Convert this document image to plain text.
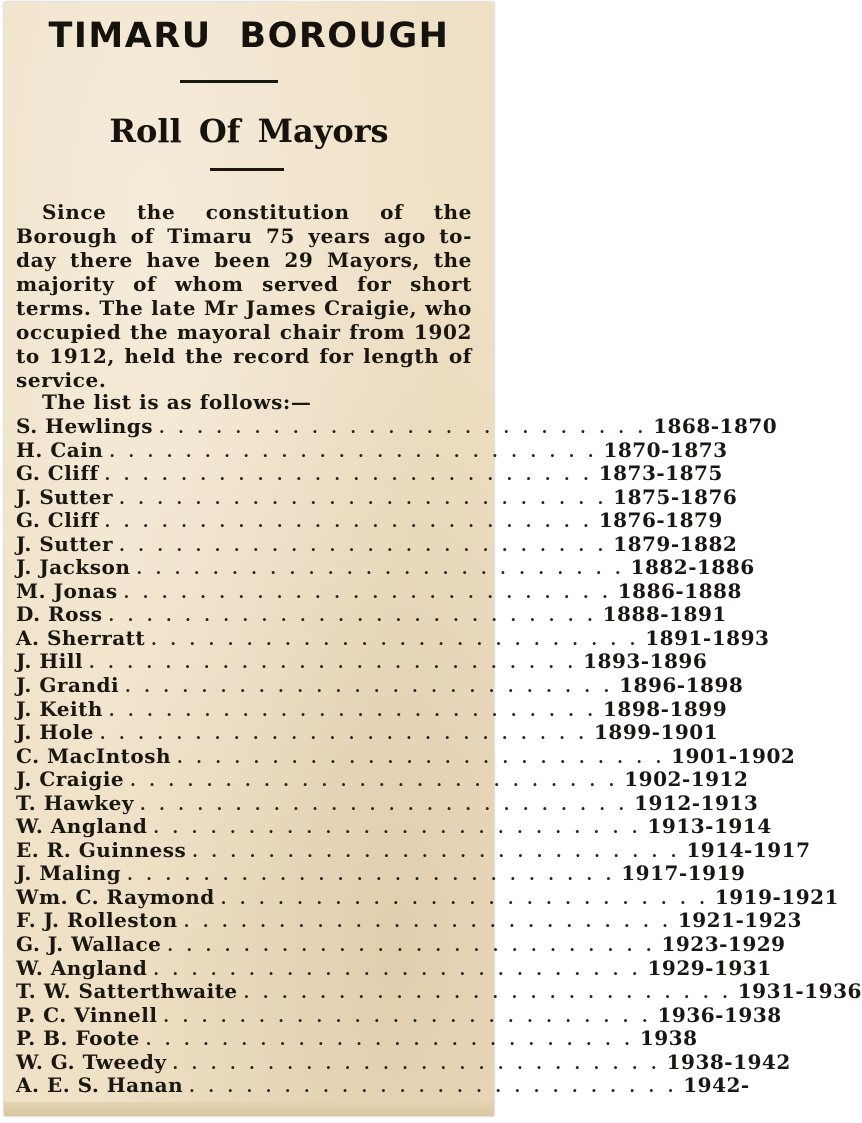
TIMARU BOROUGH
Roll Of Mayors

Since the constitution of the Borough of Timaru 75 years ago to-day there have been 29 Mayors, the majority of whom served for short terms. The late Mr James Craigie, who occupied the mayoral chair from 1902 to 1912, held the record for length of service.

The list is as follows:—

S. Hewlings . . . . . . . . . . . . . . . . . . . . . . . . . . 1868-1870
H. Cain . . . . . . . . . . . . . . . . . . . . . . . . . . 1870-1873
G. Cliff . . . . . . . . . . . . . . . . . . . . . . . . . . 1873-1875
J. Sutter . . . . . . . . . . . . . . . . . . . . . . . . . . 1875-1876
G. Cliff . . . . . . . . . . . . . . . . . . . . . . . . . . 1876-1879
J. Sutter . . . . . . . . . . . . . . . . . . . . . . . . . . 1879-1882
J. Jackson . . . . . . . . . . . . . . . . . . . . . . . . . . 1882-1886
M. Jonas . . . . . . . . . . . . . . . . . . . . . . . . . . 1886-1888
D. Ross . . . . . . . . . . . . . . . . . . . . . . . . . . 1888-1891
A. Sherratt . . . . . . . . . . . . . . . . . . . . . . . . . . 1891-1893
J. Hill . . . . . . . . . . . . . . . . . . . . . . . . . . 1893-1896
J. Grandi . . . . . . . . . . . . . . . . . . . . . . . . . . 1896-1898
J. Keith . . . . . . . . . . . . . . . . . . . . . . . . . . 1898-1899
J. Hole . . . . . . . . . . . . . . . . . . . . . . . . . . 1899-1901
C. MacIntosh . . . . . . . . . . . . . . . . . . . . . . . . . . 1901-1902
J. Craigie . . . . . . . . . . . . . . . . . . . . . . . . . . 1902-1912
T. Hawkey . . . . . . . . . . . . . . . . . . . . . . . . . . 1912-1913
W. Angland . . . . . . . . . . . . . . . . . . . . . . . . . . 1913-1914
E. R. Guinness . . . . . . . . . . . . . . . . . . . . . . . . . . 1914-1917
J. Maling . . . . . . . . . . . . . . . . . . . . . . . . . . 1917-1919
Wm. C. Raymond . . . . . . . . . . . . . . . . . . . . . . . . . . 1919-1921
F. J. Rolleston . . . . . . . . . . . . . . . . . . . . . . . . . . 1921-1923
G. J. Wallace . . . . . . . . . . . . . . . . . . . . . . . . . . 1923-1929
W. Angland . . . . . . . . . . . . . . . . . . . . . . . . . . 1929-1931
T. W. Satterthwaite . . . . . . . . . . . . . . . . . . . . . . . . . . 1931-1936
P. C. Vinnell . . . . . . . . . . . . . . . . . . . . . . . . . . 1936-1938
P. B. Foote . . . . . . . . . . . . . . . . . . . . . . . . . . 1938
W. G. Tweedy . . . . . . . . . . . . . . . . . . . . . . . . . . 1938-1942
A. E. S. Hanan . . . . . . . . . . . . . . . . . . . . . . . . . . 1942-
